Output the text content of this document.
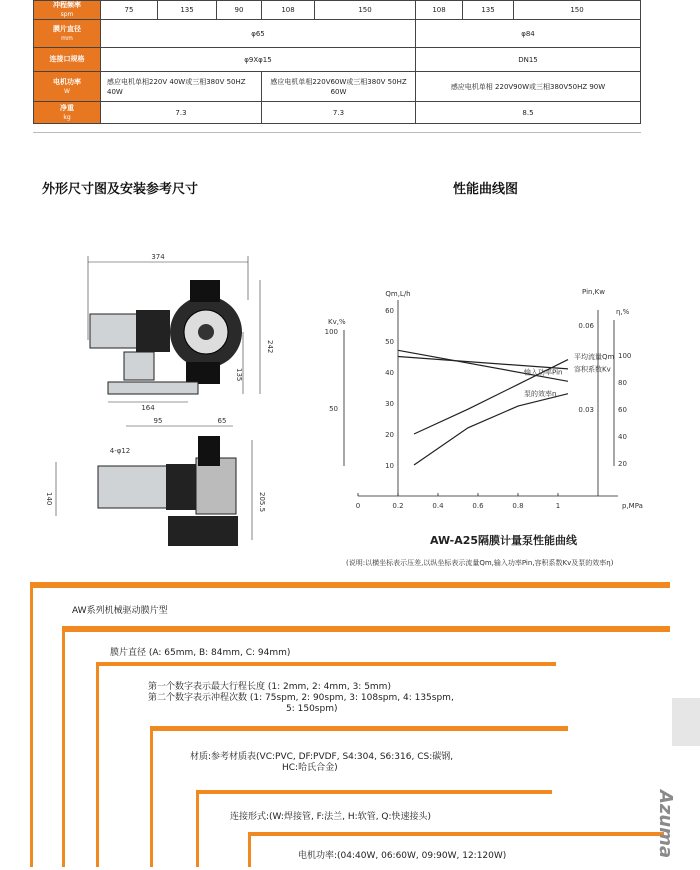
冲程频率
spm	75	135	90	108	150	108	135	150

膜片直径
mm	φ65					φ84		

连接口规格	φ9Xφ15					DN15		

电机功率
W	感应电机单相220V 40W或三相380V 50HZ 40W			感应电机单相220V60W或三相380V 50HZ 60W		感应电机单相 220V90W或三相380V50HZ 90W		

净重
kg	7.3			7.3		8.5		
外形尺寸图及安装参考尺寸	性能曲线图
374
164
242
135
95	65
4-φ12
140	205.5	0	0.2	0.4	0.6	0.8	1	p,MPa
10
20
30
40
50
60
Qm,L/h
50
100
Kv,%
0.03
0.06
Pin,Kw
20
40
60
80
100
η,%
容积系数Kv
平均流量Qm
输入功率Pin
泵的效率η
AW-A25隔膜计量泵性能曲线
(说明:以横坐标表示压差,以纵坐标表示流量Qm,输入功率Pin,容积系数Kv及泵的效率η)
AW系列机械驱动膜片型
膜片直径 (A: 65mm, B: 84mm, C: 94mm)
第一个数字表示最大行程长度 (1: 2mm, 2: 4mm, 3: 5mm)
第二个数字表示冲程次数 (1: 75spm, 2: 90spm, 3: 108spm, 4: 135spm,
5: 150spm)
材质:参考材质表(VC:PVC, DF:PVDF, S4:304, S6:316, CS:碳钢,
HC:哈氏合金)
连接形式:(W:焊接管, F:法兰, H:软管, Q:快速接头)
电机功率:(04:40W, 06:60W, 09:90W, 12:120W)	Azuma
